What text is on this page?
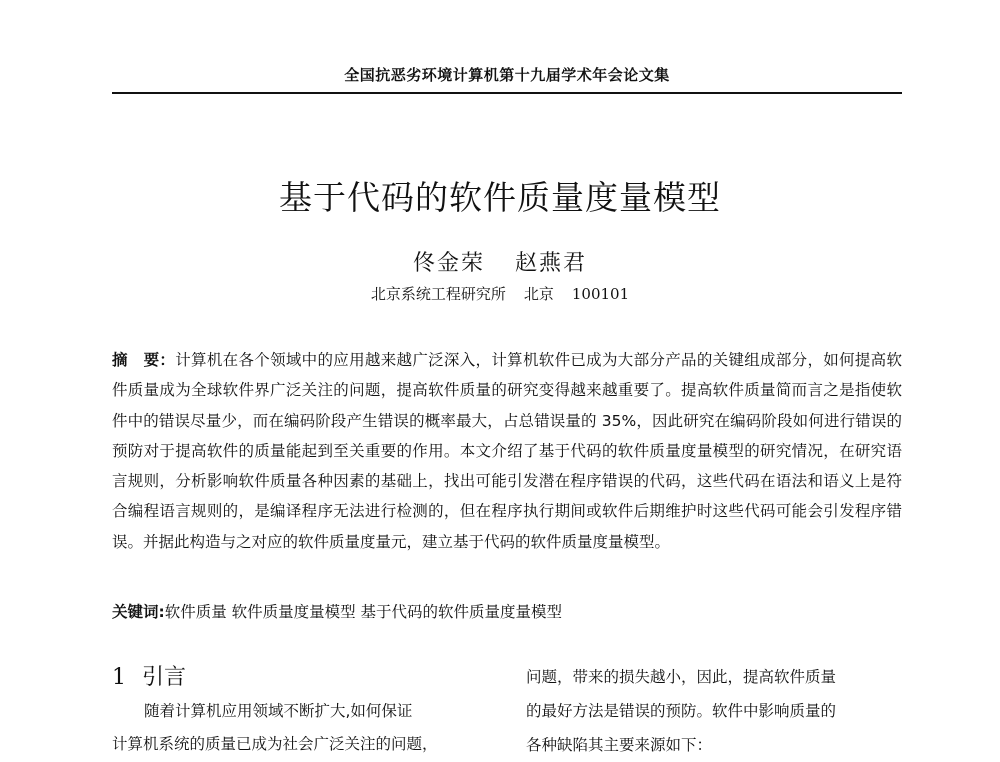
全国抗恶劣环境计算机第十九届学术年会论文集
基于代码的软件质量度量模型
佟金荣 赵燕君
北京系统工程研究所 北京 100101
摘　要：计算机在各个领域中的应用越来越广泛深入，计算机软件已成为大部分产品的关键组成部分，如何提高软件质量成为全球软件界广泛关注的问题，提高软件质量的研究变得越来越重要了。提高软件质量简而言之是指使软件中的错误尽量少，而在编码阶段产生错误的概率最大，占总错误量的 35%，因此研究在编码阶段如何进行错误的预防对于提高软件的质量能起到至关重要的作用。本文介绍了基于代码的软件质量度量模型的研究情况，在研究语言规则，分析影响软件质量各种因素的基础上，找出可能引发潜在程序错误的代码，这些代码在语法和语义上是符合编程语言规则的，是编译程序无法进行检测的，但在程序执行期间或软件后期维护时这些代码可能会引发程序错误。并据此构造与之对应的软件质量度量元，建立基于代码的软件质量度量模型。
关键词:软件质量 软件质量度量模型 基于代码的软件质量度量模型
1 引言
随着计算机应用领域不断扩大,如何保证
计算机系统的质量已成为社会广泛关注的问题，
问题，带来的损失越小，因此，提高软件质量
的最好方法是错误的预防。软件中影响质量的
各种缺陷其主要来源如下：
